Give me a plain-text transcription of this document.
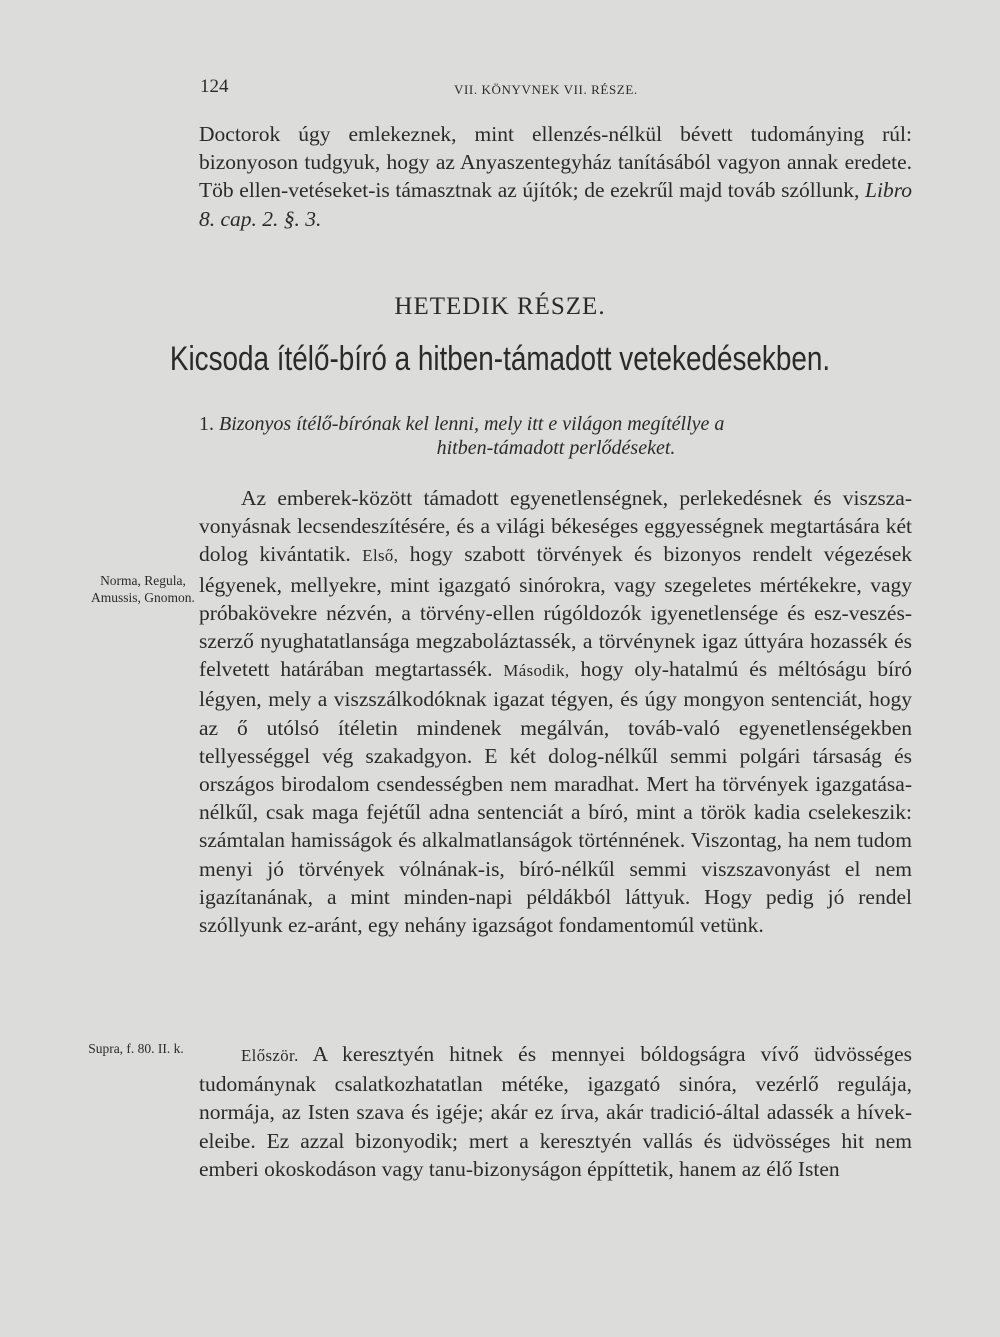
124	VII. KÖNYVNEK VII. RÉSZE.

Doctorok úgy emlekeznek, mint ellenzés-nélkül bévett tudománying rúl: bizonyoson tudgyuk, hogy az Anyaszentegyház tanításából vagyon annak eredete. Töb ellen-vetéseket-is támasztnak az újítók; de ezekrűl majd továb szóllunk, Libro 8. cap. 2. §. 3.

HETEDIK RÉSZE.
Kicsoda ítélő-bíró a hitben-támadott vetekedésekben.

1. Bizonyos ítélő-bírónak kel lenni, mely itt e világon megítéllye a
hitben-támadott perlődéseket.

Az emberek-között támadott egyenetlenségnek, perlekedésnek és viszsza-vonyásnak lecsendeszítésére, és a világi békeséges eggyességnek megtartására két dolog kivántatik. Első, hogy szabott törvények és bizonyos rendelt végezések légyenek, mellyekre, mint igazgató sinórokra, vagy szegeletes mértékekre, vagy próbakövekre nézvén, a törvény-ellen rúgóldozók igyenetlensége és esz-veszés-szerző nyughatatlansága megzaboláztassék, a törvénynek igaz úttyára hozassék és felvetett határában megtartassék. Második, hogy oly-hatalmú és méltóságu bíró légyen, mely a viszszálkodóknak igazat tégyen, és úgy mongyon sentenciát, hogy az ő utólsó ítéletin mindenek megálván, továb-való egyenetlenségekben tellyességgel vég szakadgyon. E két dolog-nélkűl semmi polgári társaság és országos birodalom csendességben nem maradhat. Mert ha törvények igazgatása-nélkűl, csak maga fejétűl adna sentenciát a bíró, mint a török kadia cselekeszik: számtalan hamisságok és alkalmatlanságok történnének. Viszontag, ha nem tudom menyi jó törvények vólnának-is, bíró-nélkűl semmi viszszavonyást el nem igazítanának, a mint minden-napi példákból láttyuk. Hogy pedig jó rendel szóllyunk ez-aránt, egy nehány igazságot fondamentomúl vetünk.

Először. A keresztyén hitnek és mennyei bóldogságra vívő üdvösséges tudománynak csalatkozhatatlan météke, igazgató sinóra, vezérlő regulája, normája, az Isten szava és igéje; akár ez írva, akár tradició-által adassék a hívek-eleibe. Ez azzal bizonyodik; mert a keresztyén vallás és üdvösséges hit nem emberi okoskodáson vagy tanu-bizonyságon éppíttetik, hanem az élő Isten

Norma, Regula, Amussis, Gnomon.
Supra, f. 80. II. k.
